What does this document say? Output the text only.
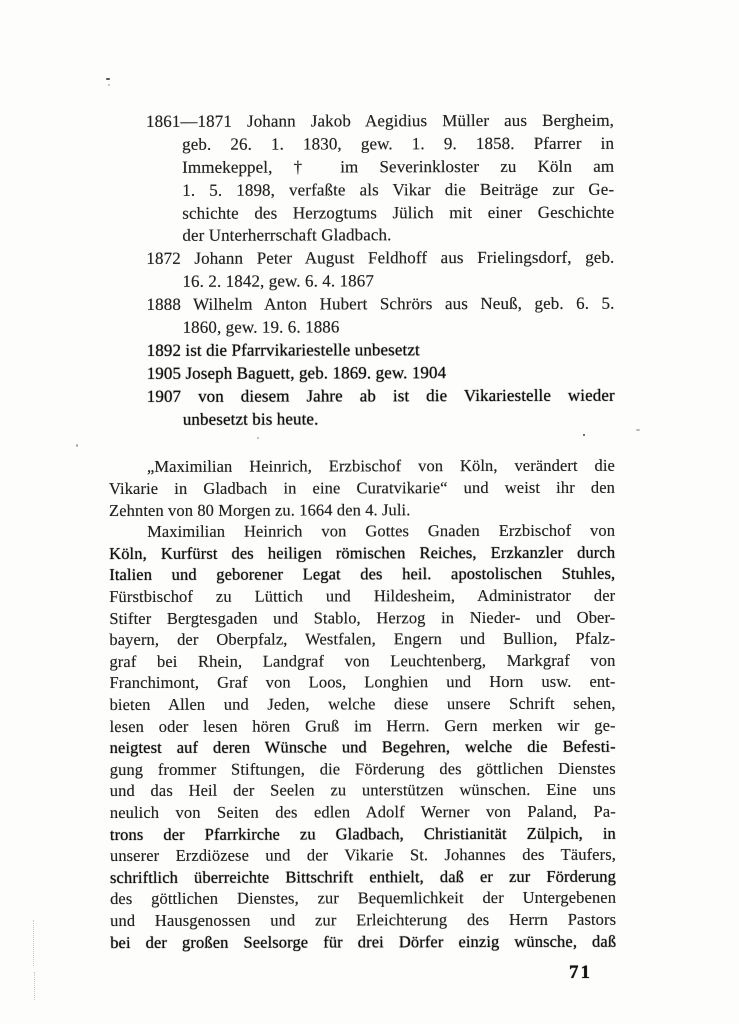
1861—1871 Johann Jakob Aegidius Müller aus Bergheim,
geb. 26. 1. 1830, gew. 1. 9. 1858. Pfarrer in
Immekeppel, † im Severinkloster zu Köln am
1. 5. 1898, verfaßte als Vikar die Beiträge zur Ge-
schichte des Herzogtums Jülich mit einer Geschichte
der Unterherrschaft Gladbach.
1872 Johann Peter August Feldhoff aus Frielingsdorf, geb.
16. 2. 1842, gew. 6. 4. 1867
1888 Wilhelm Anton Hubert Schrörs aus Neuß, geb. 6. 5.
1860, gew. 19. 6. 1886
1892 ist die Pfarrvikariestelle unbesetzt
1905 Joseph Baguett, geb. 1869. gew. 1904
1907 von diesem Jahre ab ist die Vikariestelle wieder
unbesetzt bis heute.
„Maximilian Heinrich, Erzbischof von Köln, verändert die
Vikarie in Gladbach in eine Curatvikarie“ und weist ihr den
Zehnten von 80 Morgen zu. 1664 den 4. Juli.
Maximilian Heinrich von Gottes Gnaden Erzbischof von
Köln, Kurfürst des heiligen römischen Reiches, Erzkanzler durch
Italien und geborener Legat des heil. apostolischen Stuhles,
Fürstbischof zu Lüttich und Hildesheim, Administrator der
Stifter Bergtesgaden und Stablo, Herzog in Nieder- und Ober-
bayern, der Oberpfalz, Westfalen, Engern und Bullion, Pfalz-
graf bei Rhein, Landgraf von Leuchtenberg, Markgraf von
Franchimont, Graf von Loos, Longhien und Horn usw. ent-
bieten Allen und Jeden, welche diese unsere Schrift sehen,
lesen oder lesen hören Gruß im Herrn. Gern merken wir ge-
neigtest auf deren Wünsche und Begehren, welche die Befesti-
gung frommer Stiftungen, die Förderung des göttlichen Dienstes
und das Heil der Seelen zu unterstützen wünschen. Eine uns
neulich von Seiten des edlen Adolf Werner von Paland, Pa-
trons der Pfarrkirche zu Gladbach, Christianität Zülpich, in
unserer Erzdiözese und der Vikarie St. Johannes des Täufers,
schriftlich überreichte Bittschrift enthielt, daß er zur Förderung
des göttlichen Dienstes, zur Bequemlichkeit der Untergebenen
und Hausgenossen und zur Erleichterung des Herrn Pastors
bei der großen Seelsorge für drei Dörfer einzig wünsche, daß
71
